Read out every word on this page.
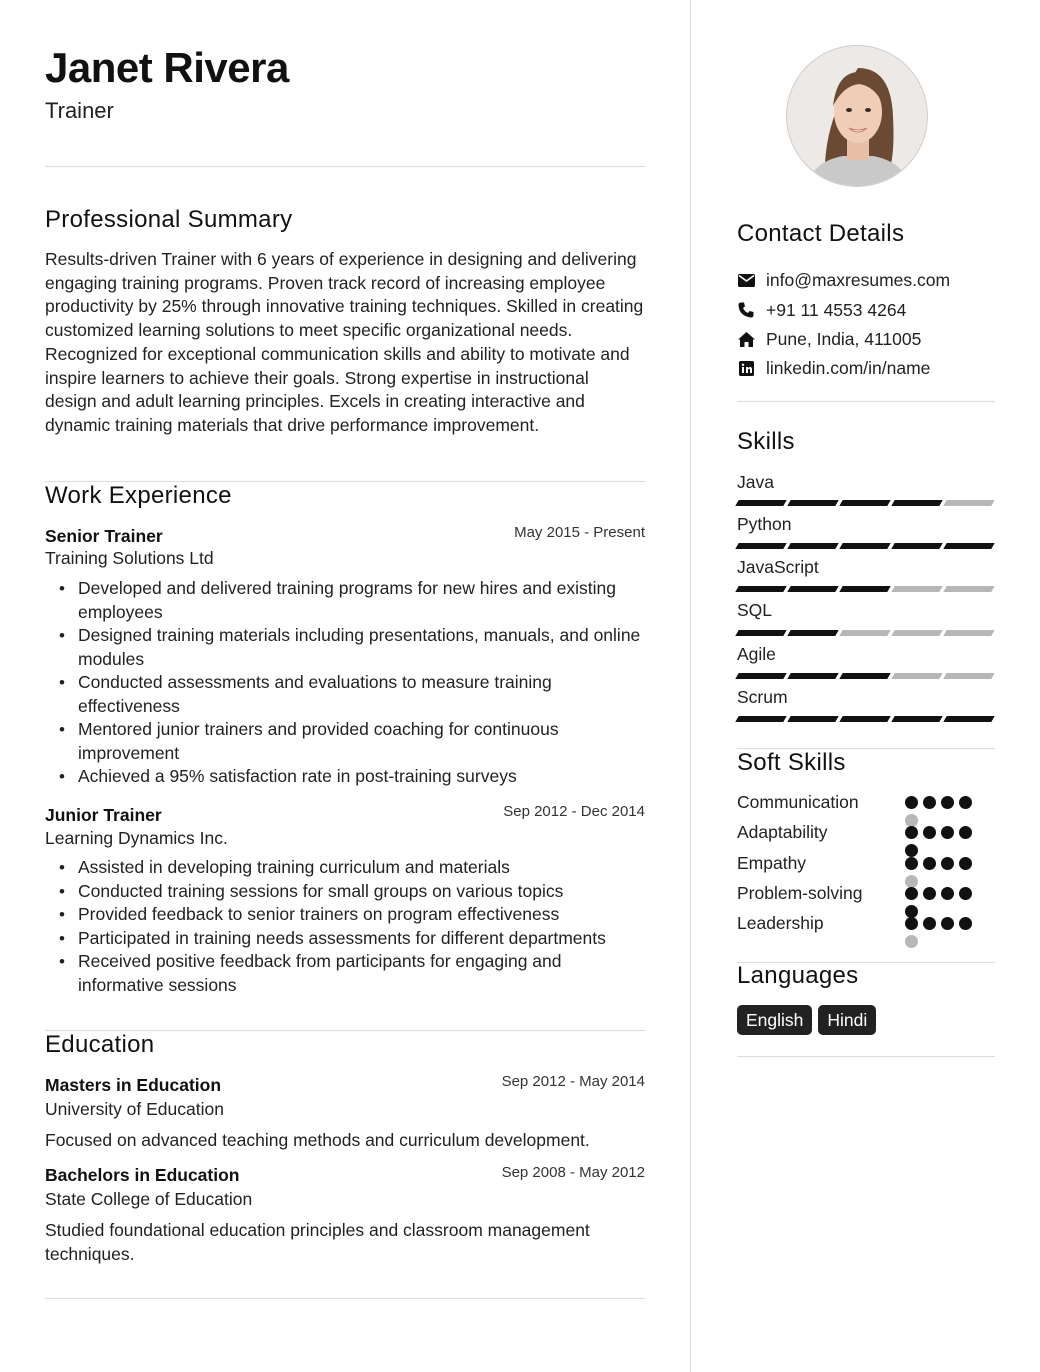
Janet Rivera
Trainer
Professional Summary
Results-driven Trainer with 6 years of experience in designing and delivering engaging training programs. Proven track record of increasing employee productivity by 25% through innovative training techniques. Skilled in creating customized learning solutions to meet specific organizational needs. Recognized for exceptional communication skills and ability to motivate and inspire learners to achieve their goals. Strong expertise in instructional design and adult learning principles. Excels in creating interactive and dynamic training materials that drive performance improvement.
Work Experience
Senior Trainer	May 2015 - Present
Training Solutions Ltd
• Developed and delivered training programs for new hires and existing employees
• Designed training materials including presentations, manuals, and online modules
• Conducted assessments and evaluations to measure training effectiveness
• Mentored junior trainers and provided coaching for continuous improvement
• Achieved a 95% satisfaction rate in post-training surveys
Junior Trainer	Sep 2012 - Dec 2014
Learning Dynamics Inc.
• Assisted in developing training curriculum and materials
• Conducted training sessions for small groups on various topics
• Provided feedback to senior trainers on program effectiveness
• Participated in training needs assessments for different departments
• Received positive feedback from participants for engaging and informative sessions
Education
Masters in Education	Sep 2012 - May 2014
University of Education
Focused on advanced teaching methods and curriculum development.
Bachelors in Education	Sep 2008 - May 2012
State College of Education
Studied foundational education principles and classroom management techniques.
Contact Details
info@maxresumes.com
+91 11 4553 4264
Pune, India, 411005
linkedin.com/in/name
Skills
Java
Python
JavaScript
SQL
Agile
Scrum
Soft Skills
Communication
Adaptability
Empathy
Problem-solving
Leadership
Languages
English	Hindi
